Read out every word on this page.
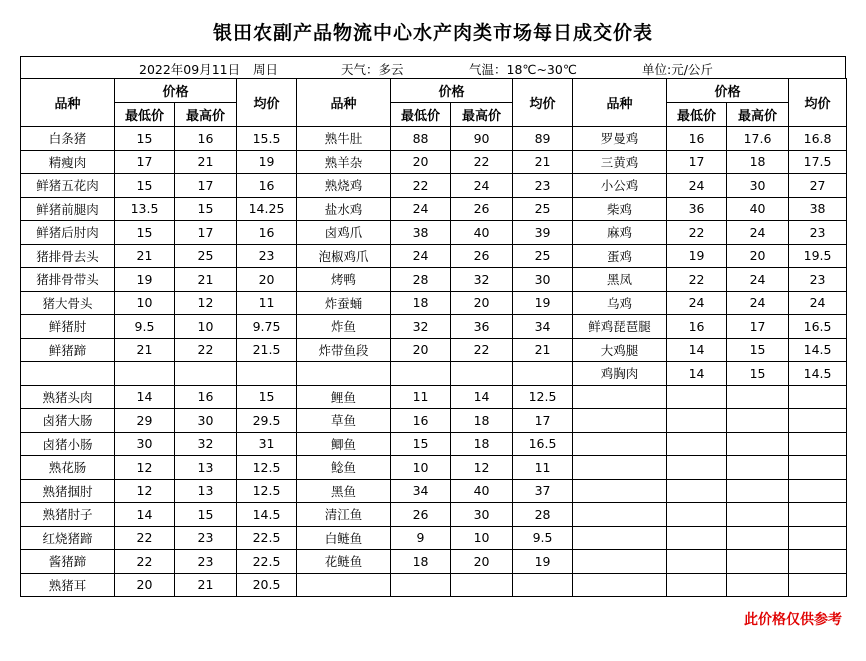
银田农副产品物流中心水产肉类市场每日成交价表
2022年09月11日 周日	天气：多云	气温：18℃~30℃	单位:元/公斤
品种	价格		均价	品种	价格		均价	品种	价格		均价
	最低价	最高价			最低价	最高价			最低价	最高价	
白条猪	15	16	15.5	熟牛肚	88	90	89	罗曼鸡	16	17.6	16.8
精瘦肉	17	21	19	熟羊杂	20	22	21	三黄鸡	17	18	17.5
鲜猪五花肉	15	17	16	熟烧鸡	22	24	23	小公鸡	24	30	27
鲜猪前腿肉	13.5	15	14.25	盐水鸡	24	26	25	柴鸡	36	40	38
鲜猪后肘肉	15	17	16	卤鸡爪	38	40	39	麻鸡	22	24	23
猪排骨去头	21	25	23	泡椒鸡爪	24	26	25	蛋鸡	19	20	19.5
猪排骨带头	19	21	20	烤鸭	28	32	30	黑凤	22	24	23
猪大骨头	10	12	11	炸蚕蛹	18	20	19	乌鸡	24	24	24
鲜猪肘	9.5	10	9.75	炸鱼	32	36	34	鲜鸡琵琶腿	16	17	16.5
鲜猪蹄	21	22	21.5	炸带鱼段	20	22	21	大鸡腿	14	15	14.5
								鸡胸肉	14	15	14.5
熟猪头肉	14	16	15	鲤鱼	11	14	12.5				
卤猪大肠	29	30	29.5	草鱼	16	18	17				
卤猪小肠	30	32	31	鲫鱼	15	18	16.5				
熟花肠	12	13	12.5	鲶鱼	10	12	11				
熟猪掴肘	12	13	12.5	黑鱼	34	40	37				
熟猪肘子	14	15	14.5	清江鱼	26	30	28				
红烧猪蹄	22	23	22.5	白鲢鱼	9	10	9.5				
酱猪蹄	22	23	22.5	花鲢鱼	18	20	19				
熟猪耳	20	21	20.5								
此价格仅供参考
